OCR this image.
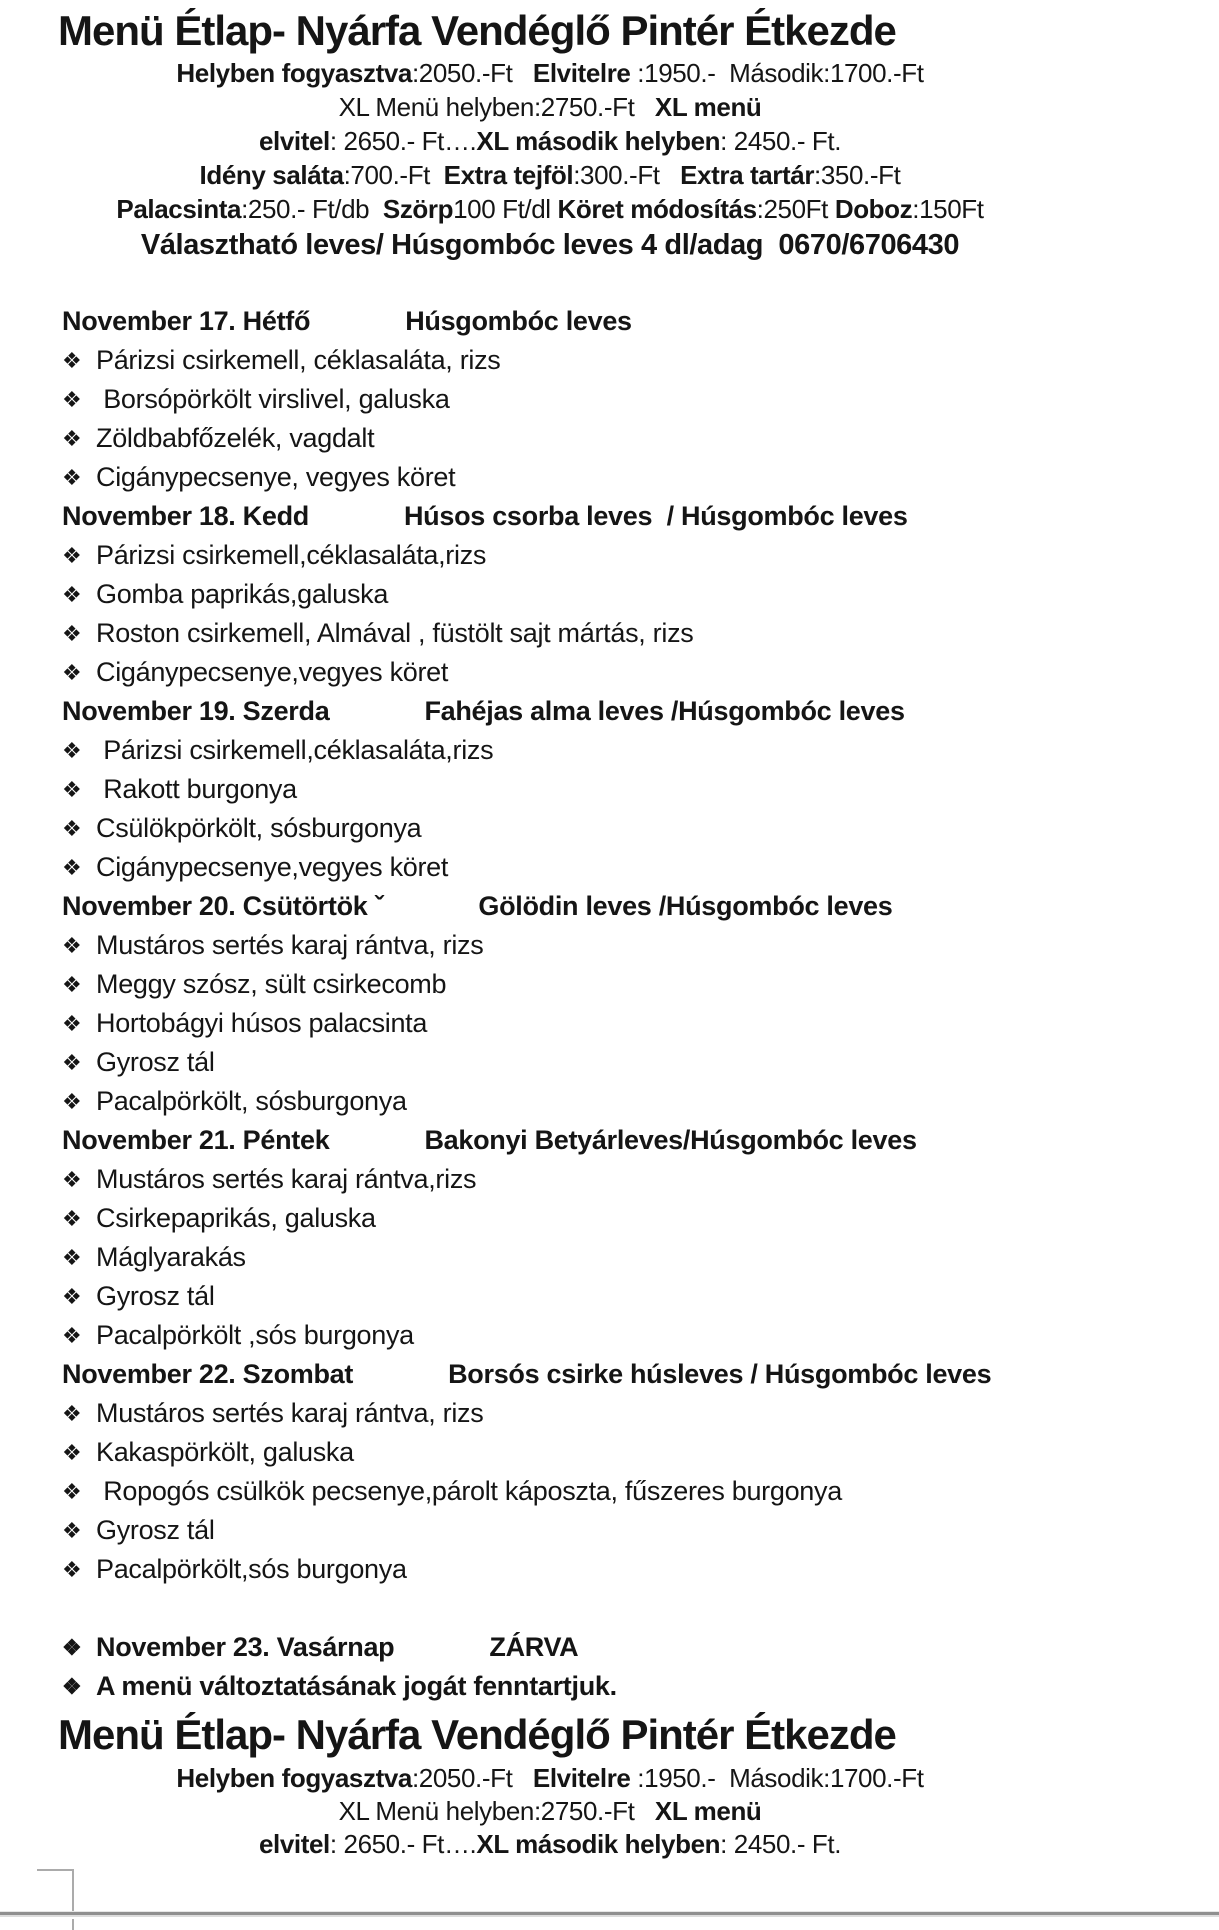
Menü Étlap- Nyárfa Vendéglő Pintér Étkezde
Helyben fogyasztva:2050.-Ft   Elvitelre :1950.-  Második:1700.-Ft
XL Menü helyben:2750.-Ft   XL menü
elvitel: 2650.- Ft….XL második helyben: 2450.- Ft.
Idény saláta:700.-Ft  Extra tejföl:300.-Ft   Extra tartár:350.-Ft
Palacsinta:250.- Ft/db  Szörp100 Ft/dl Köret módosítás:250Ft Doboz:150Ft
Választható leves/ Húsgombóc leves 4 dl/adag  0670/6706430
November 17. Hétfő	Húsgombóc leves
❖ Párizsi csirkemell, céklasaláta, rizs
❖ Borsópörkölt virslivel, galuska
❖ Zöldbabfőzelék, vagdalt
❖ Cigánypecsenye, vegyes köret
November 18. Kedd	Húsos csorba leves  / Húsgombóc leves
❖ Párizsi csirkemell,céklasaláta,rizs
❖ Gomba paprikás,galuska
❖ Roston csirkemell, Almával , füstölt sajt mártás, rizs
❖ Cigánypecsenye,vegyes köret
November 19. Szerda	Fahéjas alma leves /Húsgombóc leves
❖ Párizsi csirkemell,céklasaláta,rizs
❖ Rakott burgonya
❖ Csülökpörkölt, sósburgonya
❖ Cigánypecsenye,vegyes köret
November 20. Csütörtök ˇ	Gölödin leves /Húsgombóc leves
❖ Mustáros sertés karaj rántva, rizs
❖ Meggy szósz, sült csirkecomb
❖ Hortobágyi húsos palacsinta
❖ Gyrosz tál
❖ Pacalpörkölt, sósburgonya
November 21. Péntek	Bakonyi Betyárleves/Húsgombóc leves
❖ Mustáros sertés karaj rántva,rizs
❖ Csirkepaprikás, galuska
❖ Máglyarakás
❖ Gyrosz tál
❖ Pacalpörkölt ,sós burgonya
November 22. Szombat	Borsós csirke húsleves / Húsgombóc leves
❖ Mustáros sertés karaj rántva, rizs
❖ Kakaspörkölt, galuska
❖ Ropogós csülkök pecsenye,párolt káposzta, fűszeres burgonya
❖ Gyrosz tál
❖ Pacalpörkölt,sós burgonya
❖ November 23. Vasárnap	ZÁRVA
❖ A menü változtatásának jogát fenntartjuk.
Menü Étlap- Nyárfa Vendéglő Pintér Étkezde
Helyben fogyasztva:2050.-Ft   Elvitelre :1950.-  Második:1700.-Ft
XL Menü helyben:2750.-Ft   XL menü
elvitel: 2650.- Ft….XL második helyben: 2450.- Ft.
